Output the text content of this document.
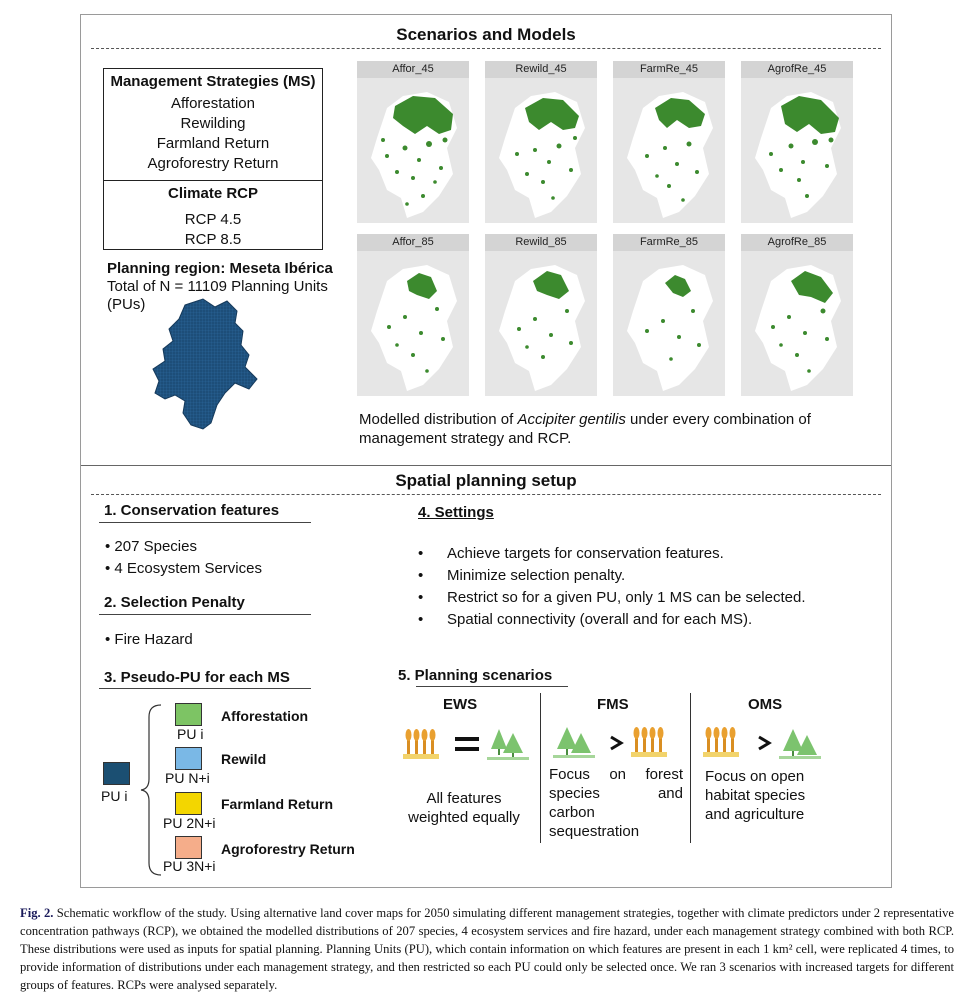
Scenarios and Models
Management Strategies (MS)
Afforestation
Rewilding
Farmland Return
Agroforestry Return
Climate RCP
RCP 4.5
RCP 8.5
Planning region: Meseta Ibérica
Total of N = 11109 Planning Units
(PUs)
Affor_45	Rewild_45	FarmRe_45	AgrofRe_45
Affor_85	Rewild_85	FarmRe_85	AgrofRe_85
Modelled distribution of Accipiter gentilis under every combination of
management strategy and RCP.
Spatial planning setup
1. Conservation features
• 207 Species
• 4 Ecosystem Services
2. Selection Penalty
• Fire Hazard
3. Pseudo-PU for each MS
PU i
PU i
Afforestation
PU N+i
Rewild
PU 2N+i
Farmland Return
PU 3N+i
Agroforestry Return
4. Settings
• Achieve targets for conservation features.
• Minimize selection penalty.
• Restrict so for a given PU, only 1 MS can be selected.
• Spatial connectivity (overall and for each MS).
5. Planning scenarios
EWS
All features
weighted equally
FMS
Focus on forest
species and
carbon sequestration
OMS
Focus on open
habitat species
and agriculture
Fig. 2. Schematic workflow of the study. Using alternative land cover maps for 2050 simulating different management strategies, together with climate predictors under 2 representative concentration pathways (RCP), we obtained the modelled distributions of 207 species, 4 ecosystem services and fire hazard, under each management strategy combined with both RCP. These distributions were used as inputs for spatial planning. Planning Units (PU), which contain information on which features are present in each 1 km² cell, were replicated 4 times, to provide information of distributions under each management strategy, and then restricted so each PU could only be selected once. We ran 3 scenarios with increased targets for different groups of features. RCPs were analysed separately.
